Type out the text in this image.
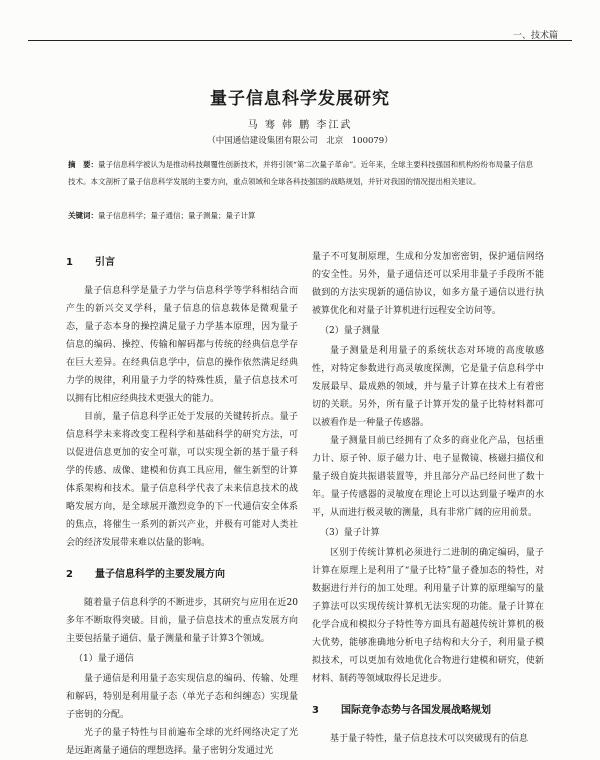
一、技术篇
量子信息科学发展研究
马 骞 韩 鹏 李江武
（中国通信建设集团有限公司　北京　100079）
摘　要：量子信息科学被认为是推动科技颠覆性创新技术，并将引领“第二次量子革命”。近年来，全球主要科技强国和机构纷纷布局量子信息技术。本文剖析了量子信息科学发展的主要方向，重点领域和全球各科技强国的战略规划，并针对我国的情况提出相关建议。
关键词：量子信息科学；量子通信；量子测量；量子计算
1 引言

量子信息科学是量子力学与信息科学等学科相结合而产生的新兴交叉学科，量子信息的信息载体是微观量子态，量子态本身的操控满足量子力学基本原理，因为量子信息的编码、操控、传输和解码都与传统的经典信息学存在巨大差异。在经典信息学中，信息的操作依然满足经典力学的规律，利用量子力学的特殊性质，量子信息技术可以拥有比相应经典技术更强大的能力。

目前，量子信息科学正处于发展的关键转折点。量子信息科学未来将改变工程科学和基础科学的研究方法，可以促进信息更加的安全可靠，可以实现全新的基于量子科学的传感、成像、建模和仿真工具应用，催生新型的计算体系架构和技术。量子信息科学代表了未来信息技术的战略发展方向，是全球展开激烈竞争的下一代通信安全体系的焦点，将催生一系列的新兴产业，并极有可能对人类社会的经济发展带来难以估量的影响。

2 量子信息科学的主要发展方向

随着量子信息科学的不断进步，其研究与应用在近20多年不断取得突破。目前，量子信息技术的重点发展方向主要包括量子通信、量子测量和量子计算3个领域。

（1）量子通信

量子通信是利用量子态实现信息的编码、传输、处理和解码，特别是利用量子态（单光子态和纠缠态）实现量子密钥的分配。

光子的量子特性与目前遍布全球的光纤网络决定了光是远距离量子通信的理想选择。量子密钥分发通过光

量子不可复制原理，生成和分发加密密钥，保护通信网络的安全性。另外，量子通信还可以采用非量子手段所不能做到的方法实现新的通信协议，如多方量子通信以进行执被算优化和对量子计算机进行远程安全访问等。

（2）量子测量

量子测量是利用量子的系统状态对环境的高度敏感性，对特定参数进行高灵敏度探测，它是量子信息科学中发展最早、最成熟的领域，并与量子计算在技术上有着密切的关联。另外，所有量子计算开发的量子比特材料都可以被看作是一种量子传感器。

量子测量目前已经拥有了众多的商业化产品，包括重力计、原子钟、原子磁力计、电子显微镜、核磁扫描仪和量子级自旋共振谱装置等，并且部分产品已经问世了数十年。量子传感器的灵敏度在理论上可以达到量子噪声的水平，从而进行极灵敏的测量，具有非常广阔的应用前景。

（3）量子计算

区别于传统计算机必须进行二进制的确定编码，量子计算在原理上是利用了“量子比特”量子叠加态的特性，对数据进行并行的加工处理。利用量子计算的原理编写的量子算法可以实现传统计算机无法实现的功能。量子计算在化学合成和模拟分子特性等方面具有超越传统计算机的极大优势，能够准确地分析电子结构和大分子，利用量子模拟技术，可以更加有效地优化合物进行建模和研究，使新材料、制药等领域取得长足进步。

3 国际竞争态势与各国发展战略规划

基于量子特性，量子信息技术可以突破现有的信息
